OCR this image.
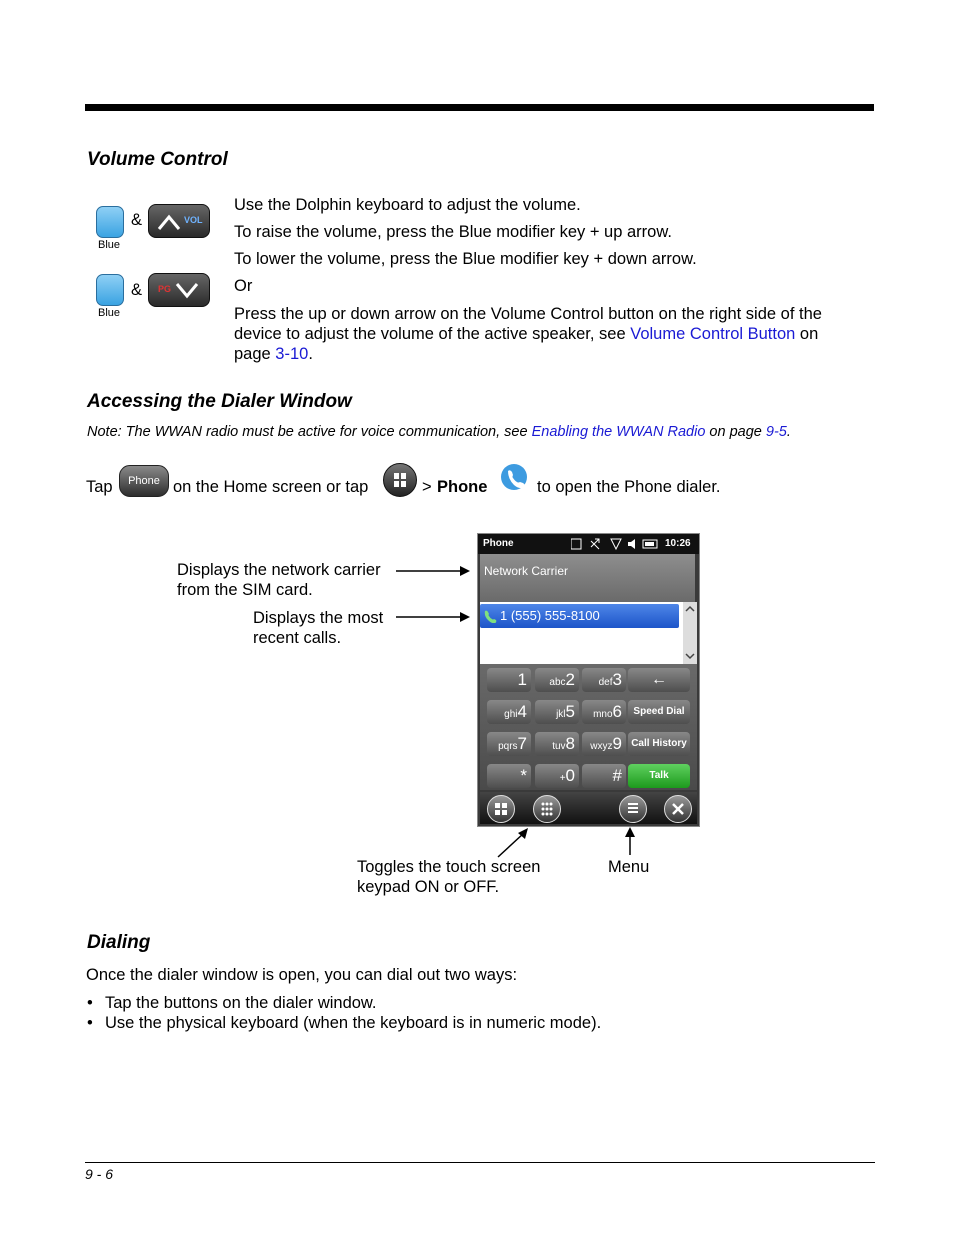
Volume Control
&	VOL
Blue
& PG
Blue
Use the Dolphin keyboard to adjust the volume.
To raise the volume, press the Blue modifier key + up arrow.
To lower the volume, press the Blue modifier key + down arrow.
Or
Press the up or down arrow on the Volume Control button on the right side of the device to adjust the volume of the active speaker, see Volume Control Button on page 3-10.
Accessing the Dialer Window
Note: The WWAN radio must be active for voice communication, see Enabling the WWAN Radio on page 9-5.
Tap	Phone on the Home screen or tap	> Phone	to open the Phone dialer.
Displays the network carrier
from the SIM card.
Displays the most
recent calls.
Phone	10:26
Network Carrier
1 (555) 555-8100
1	abc2	def3	←
ghi4	jkl5	mno6	Speed Dial
pqrs7	tuv8	wxyz9 Call History
*	+0	#	Talk
Toggles the touch screen
keypad ON or OFF.
Menu
Dialing
Once the dialer window is open, you can dial out two ways:
• Tap the buttons on the dialer window.
• Use the physical keyboard (when the keyboard is in numeric mode).
9 - 6
